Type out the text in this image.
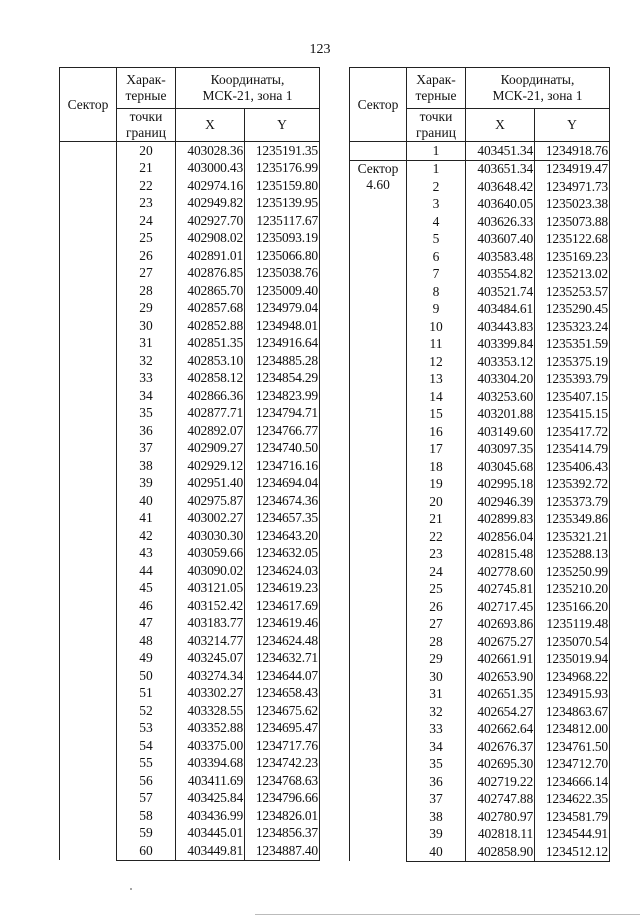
123
Сектор	Харак-
терные	Координаты,
МСК-21, зона 1	

	точки
границ	X	Y
	20	403028.36	1235191.35
	21	403000.43	1235176.99
	22	402974.16	1235159.80
	23	402949.82	1235139.95
	24	402927.70	1235117.67
	25	402908.02	1235093.19
	26	402891.01	1235066.80
	27	402876.85	1235038.76
	28	402865.70	1235009.40
	29	402857.68	1234979.04
	30	402852.88	1234948.01
	31	402851.35	1234916.64
	32	402853.10	1234885.28
	33	402858.12	1234854.29
	34	402866.36	1234823.99
	35	402877.71	1234794.71
	36	402892.07	1234766.77
	37	402909.27	1234740.50
	38	402929.12	1234716.16
	39	402951.40	1234694.04
	40	402975.87	1234674.36
	41	403002.27	1234657.35
	42	403030.30	1234643.20
	43	403059.66	1234632.05
	44	403090.02	1234624.03
	45	403121.05	1234619.23
	46	403152.42	1234617.69
	47	403183.77	1234619.46
	48	403214.77	1234624.48
	49	403245.07	1234632.71
	50	403274.34	1234644.07
	51	403302.27	1234658.43
	52	403328.55	1234675.62
	53	403352.88	1234695.47
	54	403375.00	1234717.76
	55	403394.68	1234742.23
	56	403411.69	1234768.63
	57	403425.84	1234796.66
	58	403436.99	1234826.01
	59	403445.01	1234856.37
	60	403449.81	1234887.40
Сектор	Харак-
терные	Координаты,
МСК-21, зона 1	

	точки
границ	X	Y
	1	403451.34	1234918.76

Сектор
4.60	1	403651.34	1234919.47
	2	403648.42	1234971.73
	3	403640.05	1235023.38
	4	403626.33	1235073.88
	5	403607.40	1235122.68
	6	403583.48	1235169.23
	7	403554.82	1235213.02
	8	403521.74	1235253.57
	9	403484.61	1235290.45
	10	403443.83	1235323.24
	11	403399.84	1235351.59
	12	403353.12	1235375.19
	13	403304.20	1235393.79
	14	403253.60	1235407.15
	15	403201.88	1235415.15
	16	403149.60	1235417.72
	17	403097.35	1235414.79
	18	403045.68	1235406.43
	19	402995.18	1235392.72
	20	402946.39	1235373.79
	21	402899.83	1235349.86
	22	402856.04	1235321.21
	23	402815.48	1235288.13
	24	402778.60	1235250.99
	25	402745.81	1235210.20
	26	402717.45	1235166.20
	27	402693.86	1235119.48
	28	402675.27	1235070.54
	29	402661.91	1235019.94
	30	402653.90	1234968.22
	31	402651.35	1234915.93
	32	402654.27	1234863.67
	33	402662.64	1234812.00
	34	402676.37	1234761.50
	35	402695.30	1234712.70
	36	402719.22	1234666.14
	37	402747.88	1234622.35
	38	402780.97	1234581.79
	39	402818.11	1234544.91
	40	402858.90	1234512.12
